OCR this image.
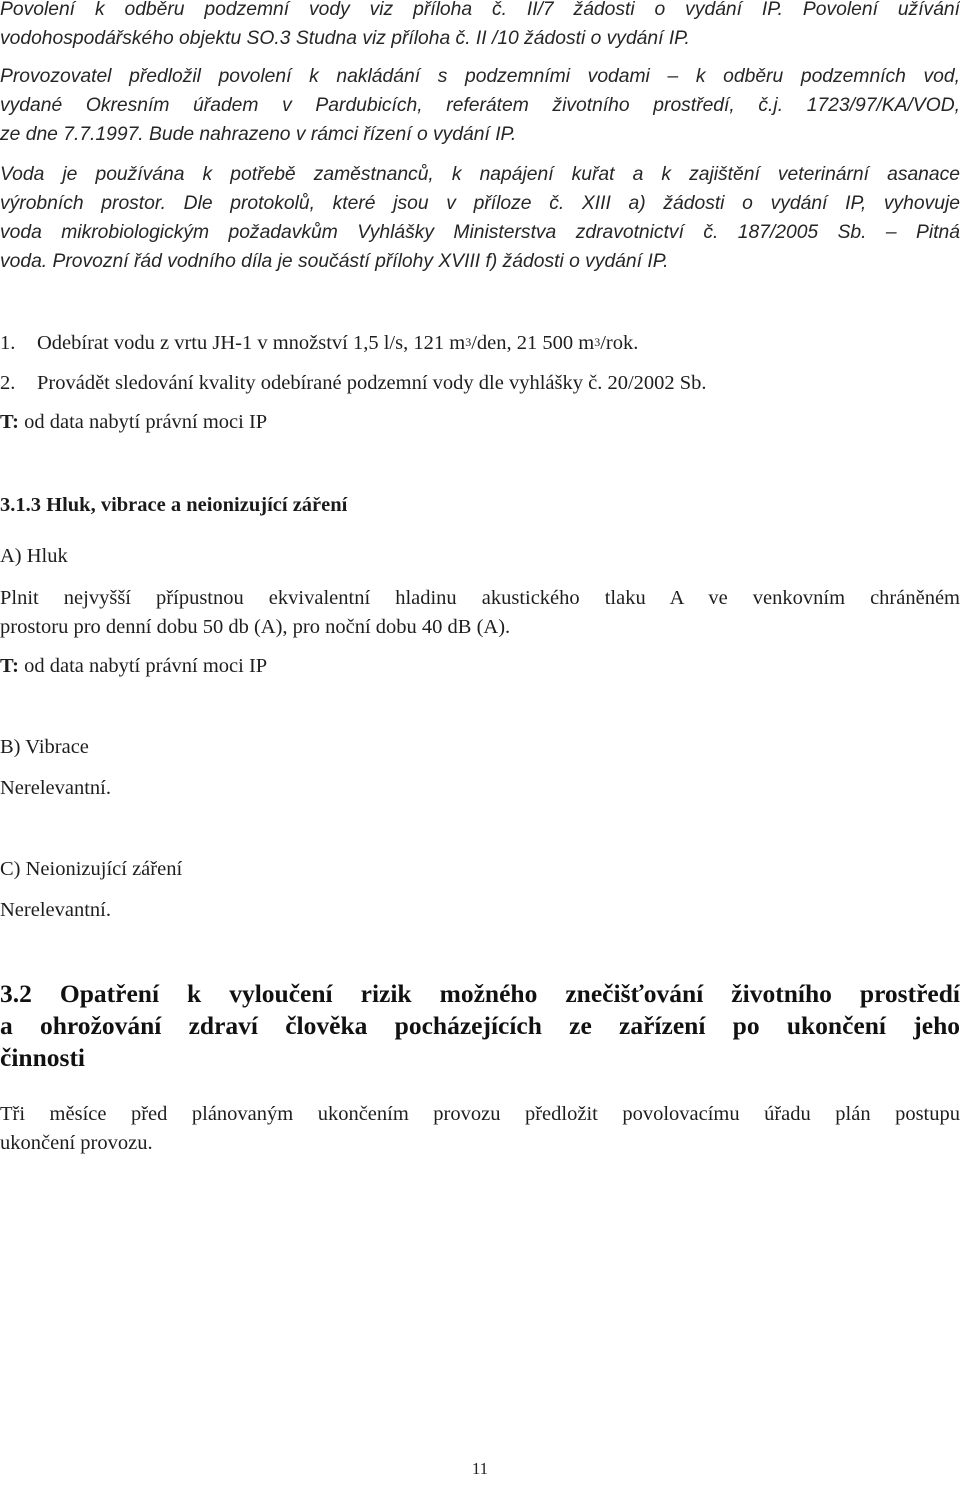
Povolení k odběru podzemní vody viz příloha č. II/7 žádosti o vydání IP. Povolení užívání
vodohospodářského objektu SO.3 Studna viz příloha č. II /10 žádosti o vydání IP.
Provozovatel předložil povolení k nakládání s podzemními vodami – k odběru podzemních vod,
vydané Okresním úřadem v Pardubicích, referátem životního prostředí, č.j. 1723/97/KA/VOD,
ze dne 7.7.1997. Bude nahrazeno v rámci řízení o vydání IP.
Voda je používána k potřebě zaměstnanců, k napájení kuřat a k zajištění veterinární asanace
výrobních prostor. Dle protokolů, které jsou v příloze č. XIII a) žádosti o vydání IP, vyhovuje
voda mikrobiologickým požadavkům Vyhlášky Ministerstva zdravotnictví č. 187/2005 Sb. – Pitná
voda. Provozní řád vodního díla je součástí přílohy XVIII f) žádosti o vydání IP.
1. Odebírat vodu z vrtu JH-1 v množství 1,5 l/s, 121 $m^3$/den, 21 500 $m^3$/rok.
2. Provádět sledování kvality odebírané podzemní vody dle vyhlášky č. 20/2002 Sb.
T: od data nabytí právní moci IP
3.1.3 Hluk, vibrace a neionizující záření
A) Hluk
Plnit nejvyšší přípustnou ekvivalentní hladinu akustického tlaku A ve venkovním chráněném
prostoru pro denní dobu 50 db (A), pro noční dobu 40 dB (A).
T: od data nabytí právní moci IP
B) Vibrace
Nerelevantní.
C) Neionizující záření
Nerelevantní.
3.2 Opatření k vyloučení rizik možného znečišťování životního prostředí
a ohrožování zdraví člověka pocházejících ze zařízení po ukončení jeho
činnosti
Tři měsíce před plánovaným ukončením provozu předložit povolovacímu úřadu plán postupu
ukončení provozu.
11
